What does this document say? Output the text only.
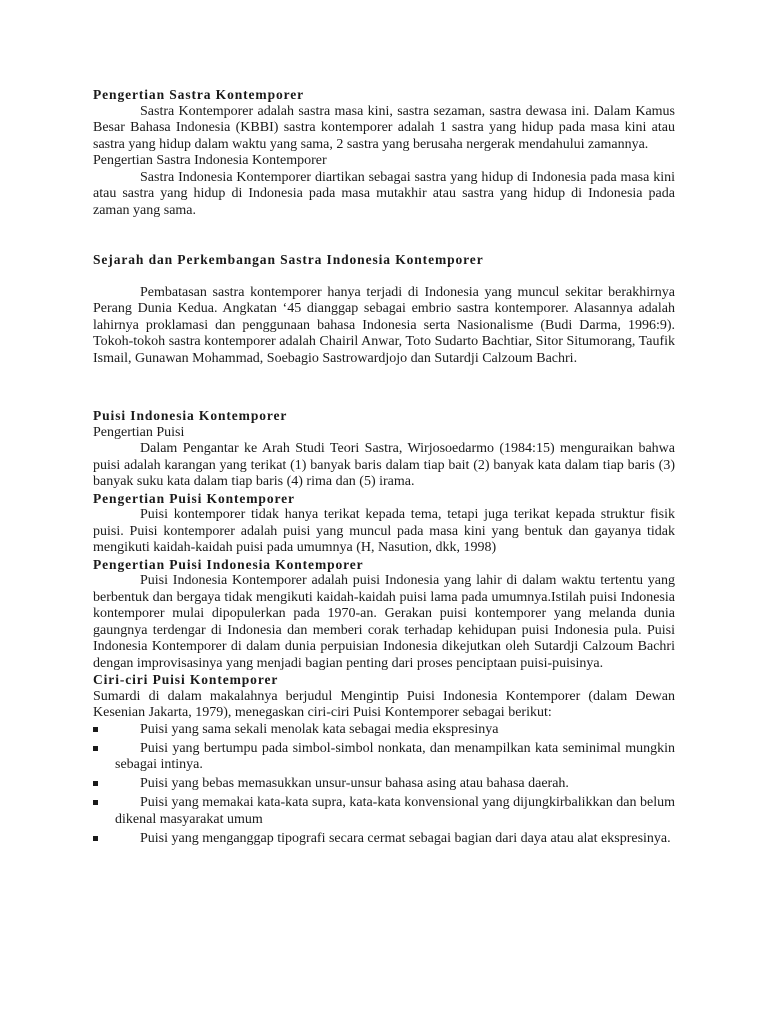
Pengertian Sastra Kontemporer
Sastra Kontemporer adalah sastra masa kini, sastra sezaman, sastra dewasa ini. Dalam Kamus Besar Bahasa Indonesia (KBBI) sastra kontemporer adalah 1 sastra yang hidup pada masa kini atau sastra yang hidup dalam waktu yang sama, 2 sastra yang berusaha nergerak mendahului zamannya.
Pengertian Sastra Indonesia Kontemporer
Sastra Indonesia Kontemporer diartikan sebagai sastra yang hidup di Indonesia pada masa kini atau sastra yang hidup di Indonesia pada masa mutakhir atau sastra yang hidup di Indonesia pada zaman yang sama.
Sejarah dan Perkembangan Sastra Indonesia Kontemporer
Pembatasan sastra kontemporer hanya terjadi di Indonesia yang muncul sekitar berakhirnya Perang Dunia Kedua. Angkatan ‘45 dianggap sebagai embrio sastra kontemporer. Alasannya adalah lahirnya proklamasi dan penggunaan bahasa Indonesia serta Nasionalisme (Budi Darma, 1996:9). Tokoh-tokoh sastra kontemporer adalah Chairil Anwar, Toto Sudarto Bachtiar, Sitor Situmorang, Taufik Ismail, Gunawan Mohammad, Soebagio Sastrowardjojo dan Sutardji Calzoum Bachri.
Puisi Indonesia Kontemporer
Pengertian Puisi
Dalam Pengantar ke Arah Studi Teori Sastra, Wirjosoedarmo (1984:15) menguraikan bahwa puisi adalah karangan yang terikat (1) banyak baris dalam tiap bait (2) banyak kata dalam tiap baris (3) banyak suku kata dalam tiap baris (4) rima dan (5) irama.
Pengertian Puisi Kontemporer
Puisi kontemporer tidak hanya terikat kepada tema, tetapi juga terikat kepada struktur fisik puisi. Puisi kontemporer adalah puisi yang muncul pada masa kini yang bentuk dan gayanya tidak mengikuti kaidah-kaidah puisi pada umumnya (H, Nasution, dkk, 1998)
Pengertian Puisi Indonesia Kontemporer
Puisi Indonesia Kontemporer adalah puisi Indonesia yang lahir di dalam waktu tertentu yang berbentuk dan bergaya tidak mengikuti kaidah-kaidah puisi lama pada umumnya.Istilah puisi Indonesia kontemporer mulai dipopulerkan pada 1970-an. Gerakan puisi kontemporer yang melanda dunia gaungnya terdengar di Indonesia dan memberi corak terhadap kehidupan puisi Indonesia pula. Puisi Indonesia Kontemporer di dalam dunia perpuisian Indonesia dikejutkan oleh Sutardji Calzoum Bachri dengan improvisasinya yang menjadi bagian penting dari proses penciptaan puisi-puisinya.
Ciri-ciri Puisi Kontemporer
Sumardi di dalam makalahnya berjudul Mengintip Puisi Indonesia Kontemporer (dalam Dewan Kesenian Jakarta, 1979), menegaskan ciri-ciri Puisi Kontemporer sebagai berikut:
Puisi yang sama sekali menolak kata sebagai media ekspresinya
Puisi yang bertumpu pada simbol-simbol nonkata, dan menampilkan kata seminimal mungkin sebagai intinya.
Puisi yang bebas memasukkan unsur-unsur bahasa asing atau bahasa daerah.
Puisi yang memakai kata-kata supra, kata-kata konvensional yang dijungkirbalikkan dan belum dikenal masyarakat umum
Puisi yang menganggap tipografi secara cermat sebagai bagian dari daya atau alat ekspresinya.
